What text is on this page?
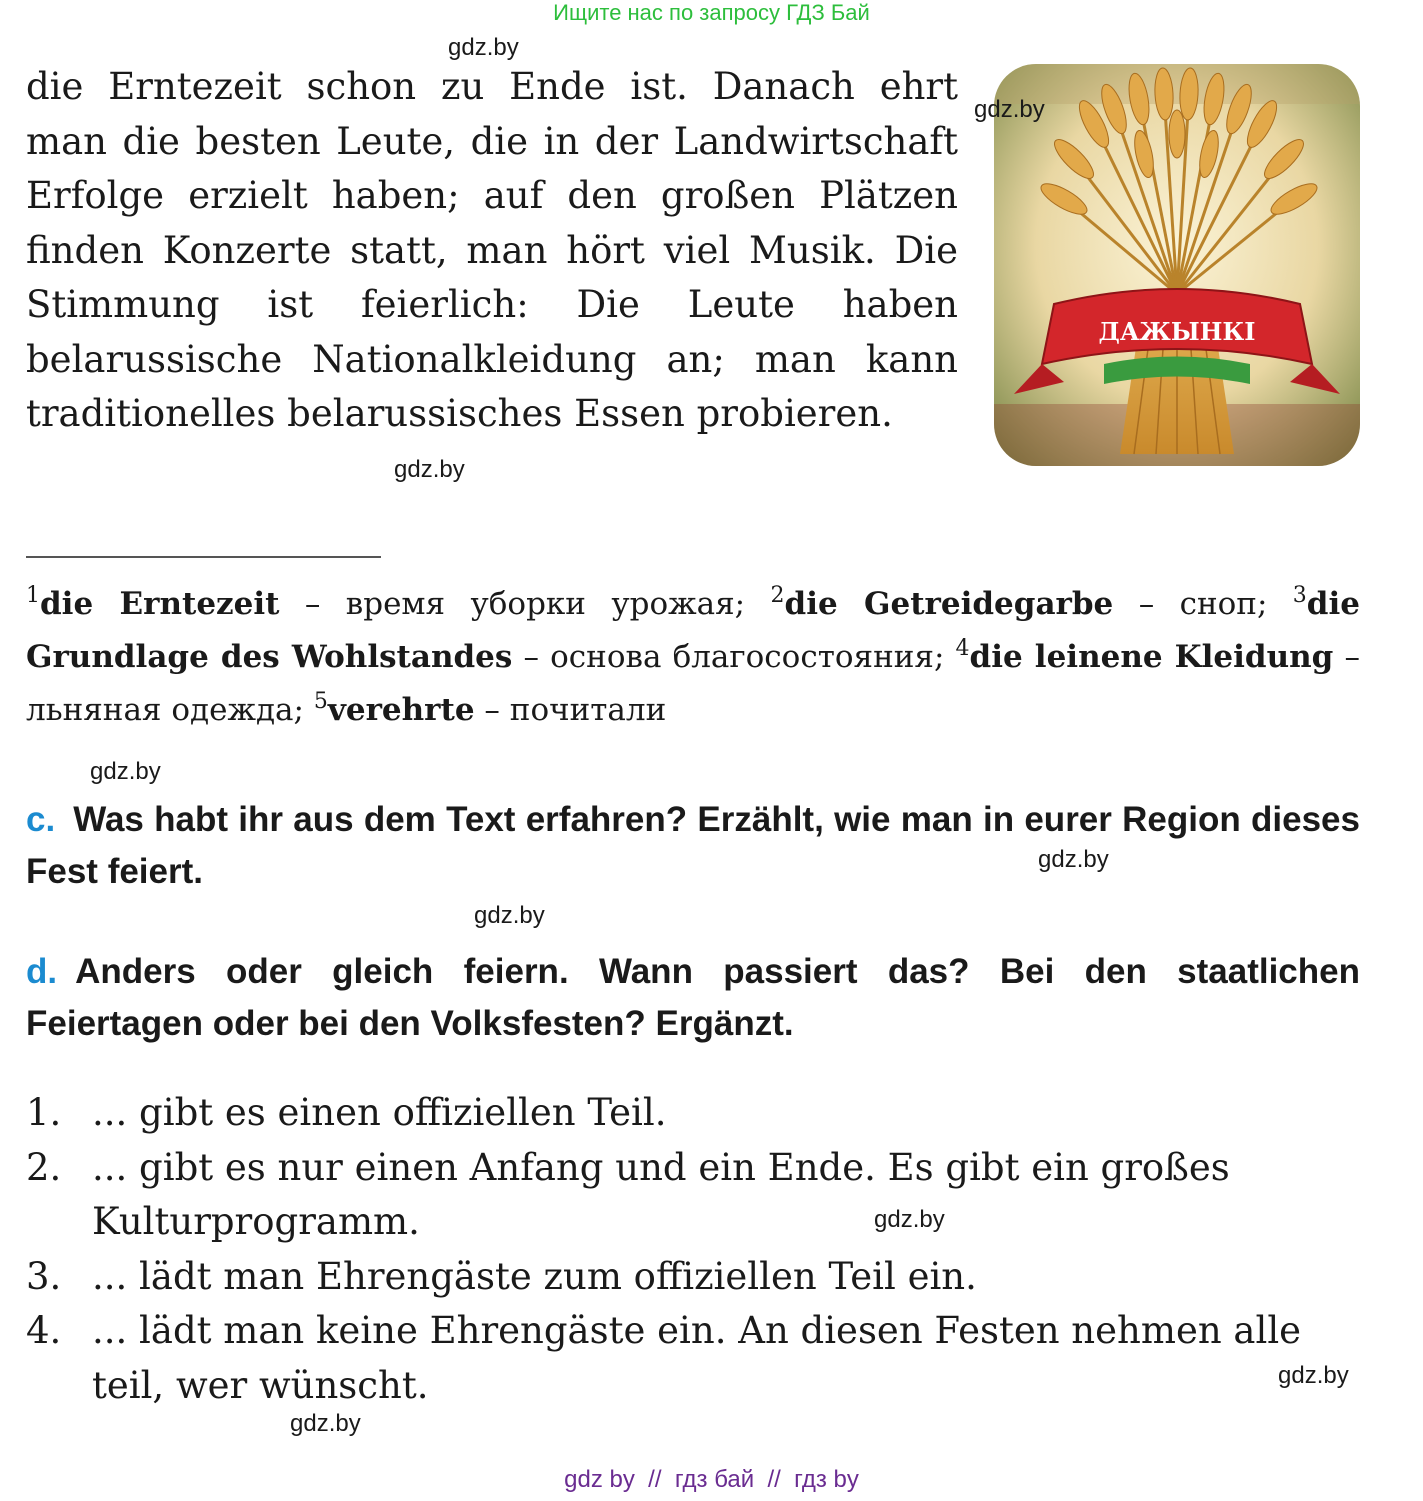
Ищите нас по запросу ГДЗ Бай
gdz.by

die Erntezeit schon zu Ende ist. Danach ehrt man die besten Leute, die in der Landwirtschaft Erfolge erzielt haben; auf den großen Plätzen finden Konzerte statt, man hört viel Musik. Die Stimmung ist feierlich: Die Leute haben belarussische Nationalkleidung an; man kann traditionelles belarussisches Essen probieren.

gdz.by
ДАЖЫНКІ
gdz.by

$^1$die Erntezeit – время уборки урожая; $^2$die Getreidegarbe – сноп; $^3$die Grundlage des Wohlstandes – основа благосостояния; $^4$die leinene Kleidung – льняная одежда; $^5$verehrte – почитали

gdz.by

c. Was habt ihr aus dem Text erfahren? Erzählt, wie man in eurer Region dieses Fest feiert.	gdz.by
gdz.by

d. Anders oder gleich feiern. Wann passiert das? Bei den staatlichen Feiertagen oder bei den Volksfesten? Ergänzt.

1. ... gibt es einen offiziellen Teil.
2. ... gibt es nur einen Anfang und ein Ende. Es gibt ein großes Kulturprogramm.
3. ... lädt man Ehrengäste zum offiziellen Teil ein.
4. ... lädt man keine Ehrengäste ein. An diesen Festen nehmen alle teil, wer wünscht.
gdz.by
gdz.by
gdz.by
gdz by  //  гдз бай  //  гдз by
